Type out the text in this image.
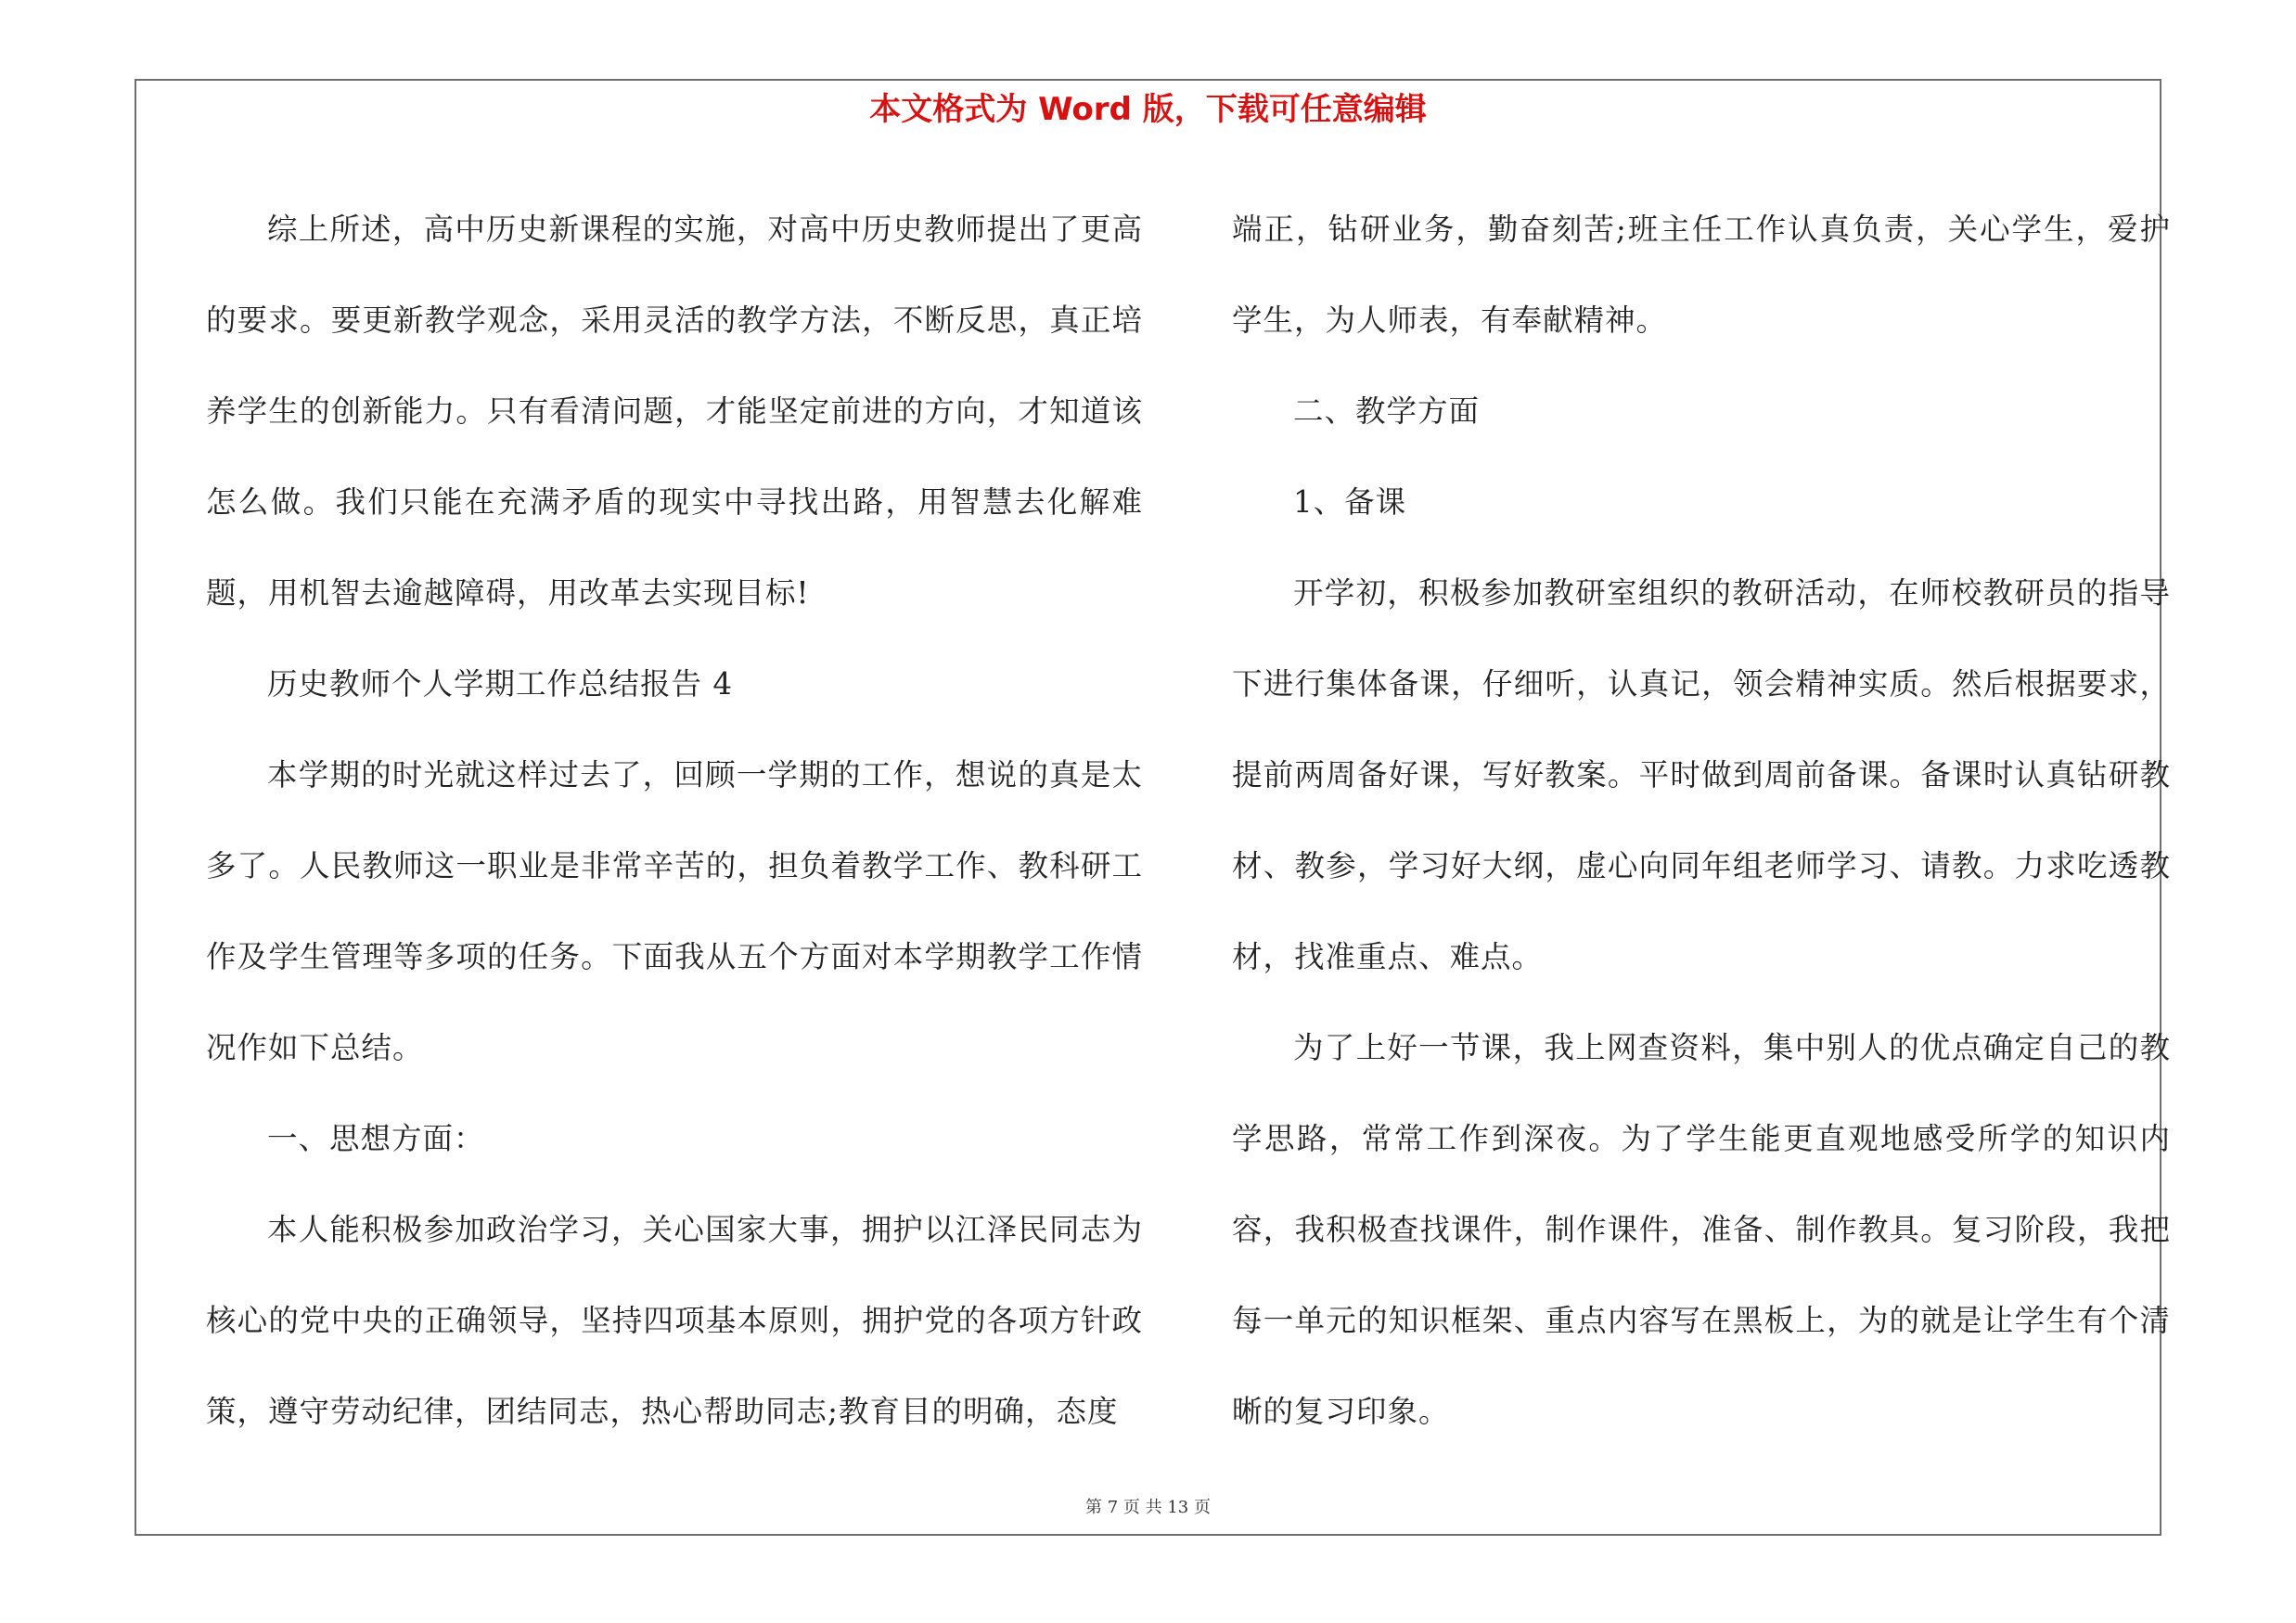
本文格式为 Word 版，下载可任意编辑

综上所述，高中历史新课程的实施，对高中历史教师提出了更高的要求。要更新教学观念，采用灵活的教学方法，不断反思，真正培养学生的创新能力。只有看清问题，才能坚定前进的方向，才知道该怎么做。我们只能在充满矛盾的现实中寻找出路，用智慧去化解难题，用机智去逾越障碍，用改革去实现目标!

历史教师个人学期工作总结报告 4

本学期的时光就这样过去了，回顾一学期的工作，想说的真是太多了。人民教师这一职业是非常辛苦的，担负着教学工作、教科研工作及学生管理等多项的任务。下面我从五个方面对本学期教学工作情况作如下总结。

一、思想方面：

本人能积极参加政治学习，关心国家大事，拥护以江泽民同志为核心的党中央的正确领导，坚持四项基本原则，拥护党的各项方针政策，遵守劳动纪律，团结同志，热心帮助同志;教育目的明确，态度

端正，钻研业务，勤奋刻苦;班主任工作认真负责，关心学生，爱护学生，为人师表，有奉献精神。

二、教学方面

1、备课

开学初，积极参加教研室组织的教研活动，在师校教研员的指导下进行集体备课，仔细听，认真记，领会精神实质。然后根据要求，提前两周备好课，写好教案。平时做到周前备课。备课时认真钻研教材、教参，学习好大纲，虚心向同年组老师学习、请教。力求吃透教材，找准重点、难点。

为了上好一节课，我上网查资料，集中别人的优点确定自己的教学思路，常常工作到深夜。为了学生能更直观地感受所学的知识内容，我积极查找课件，制作课件，准备、制作教具。复习阶段，我把每一单元的知识框架、重点内容写在黑板上，为的就是让学生有个清晰的复习印象。

第 7 页 共 13 页
